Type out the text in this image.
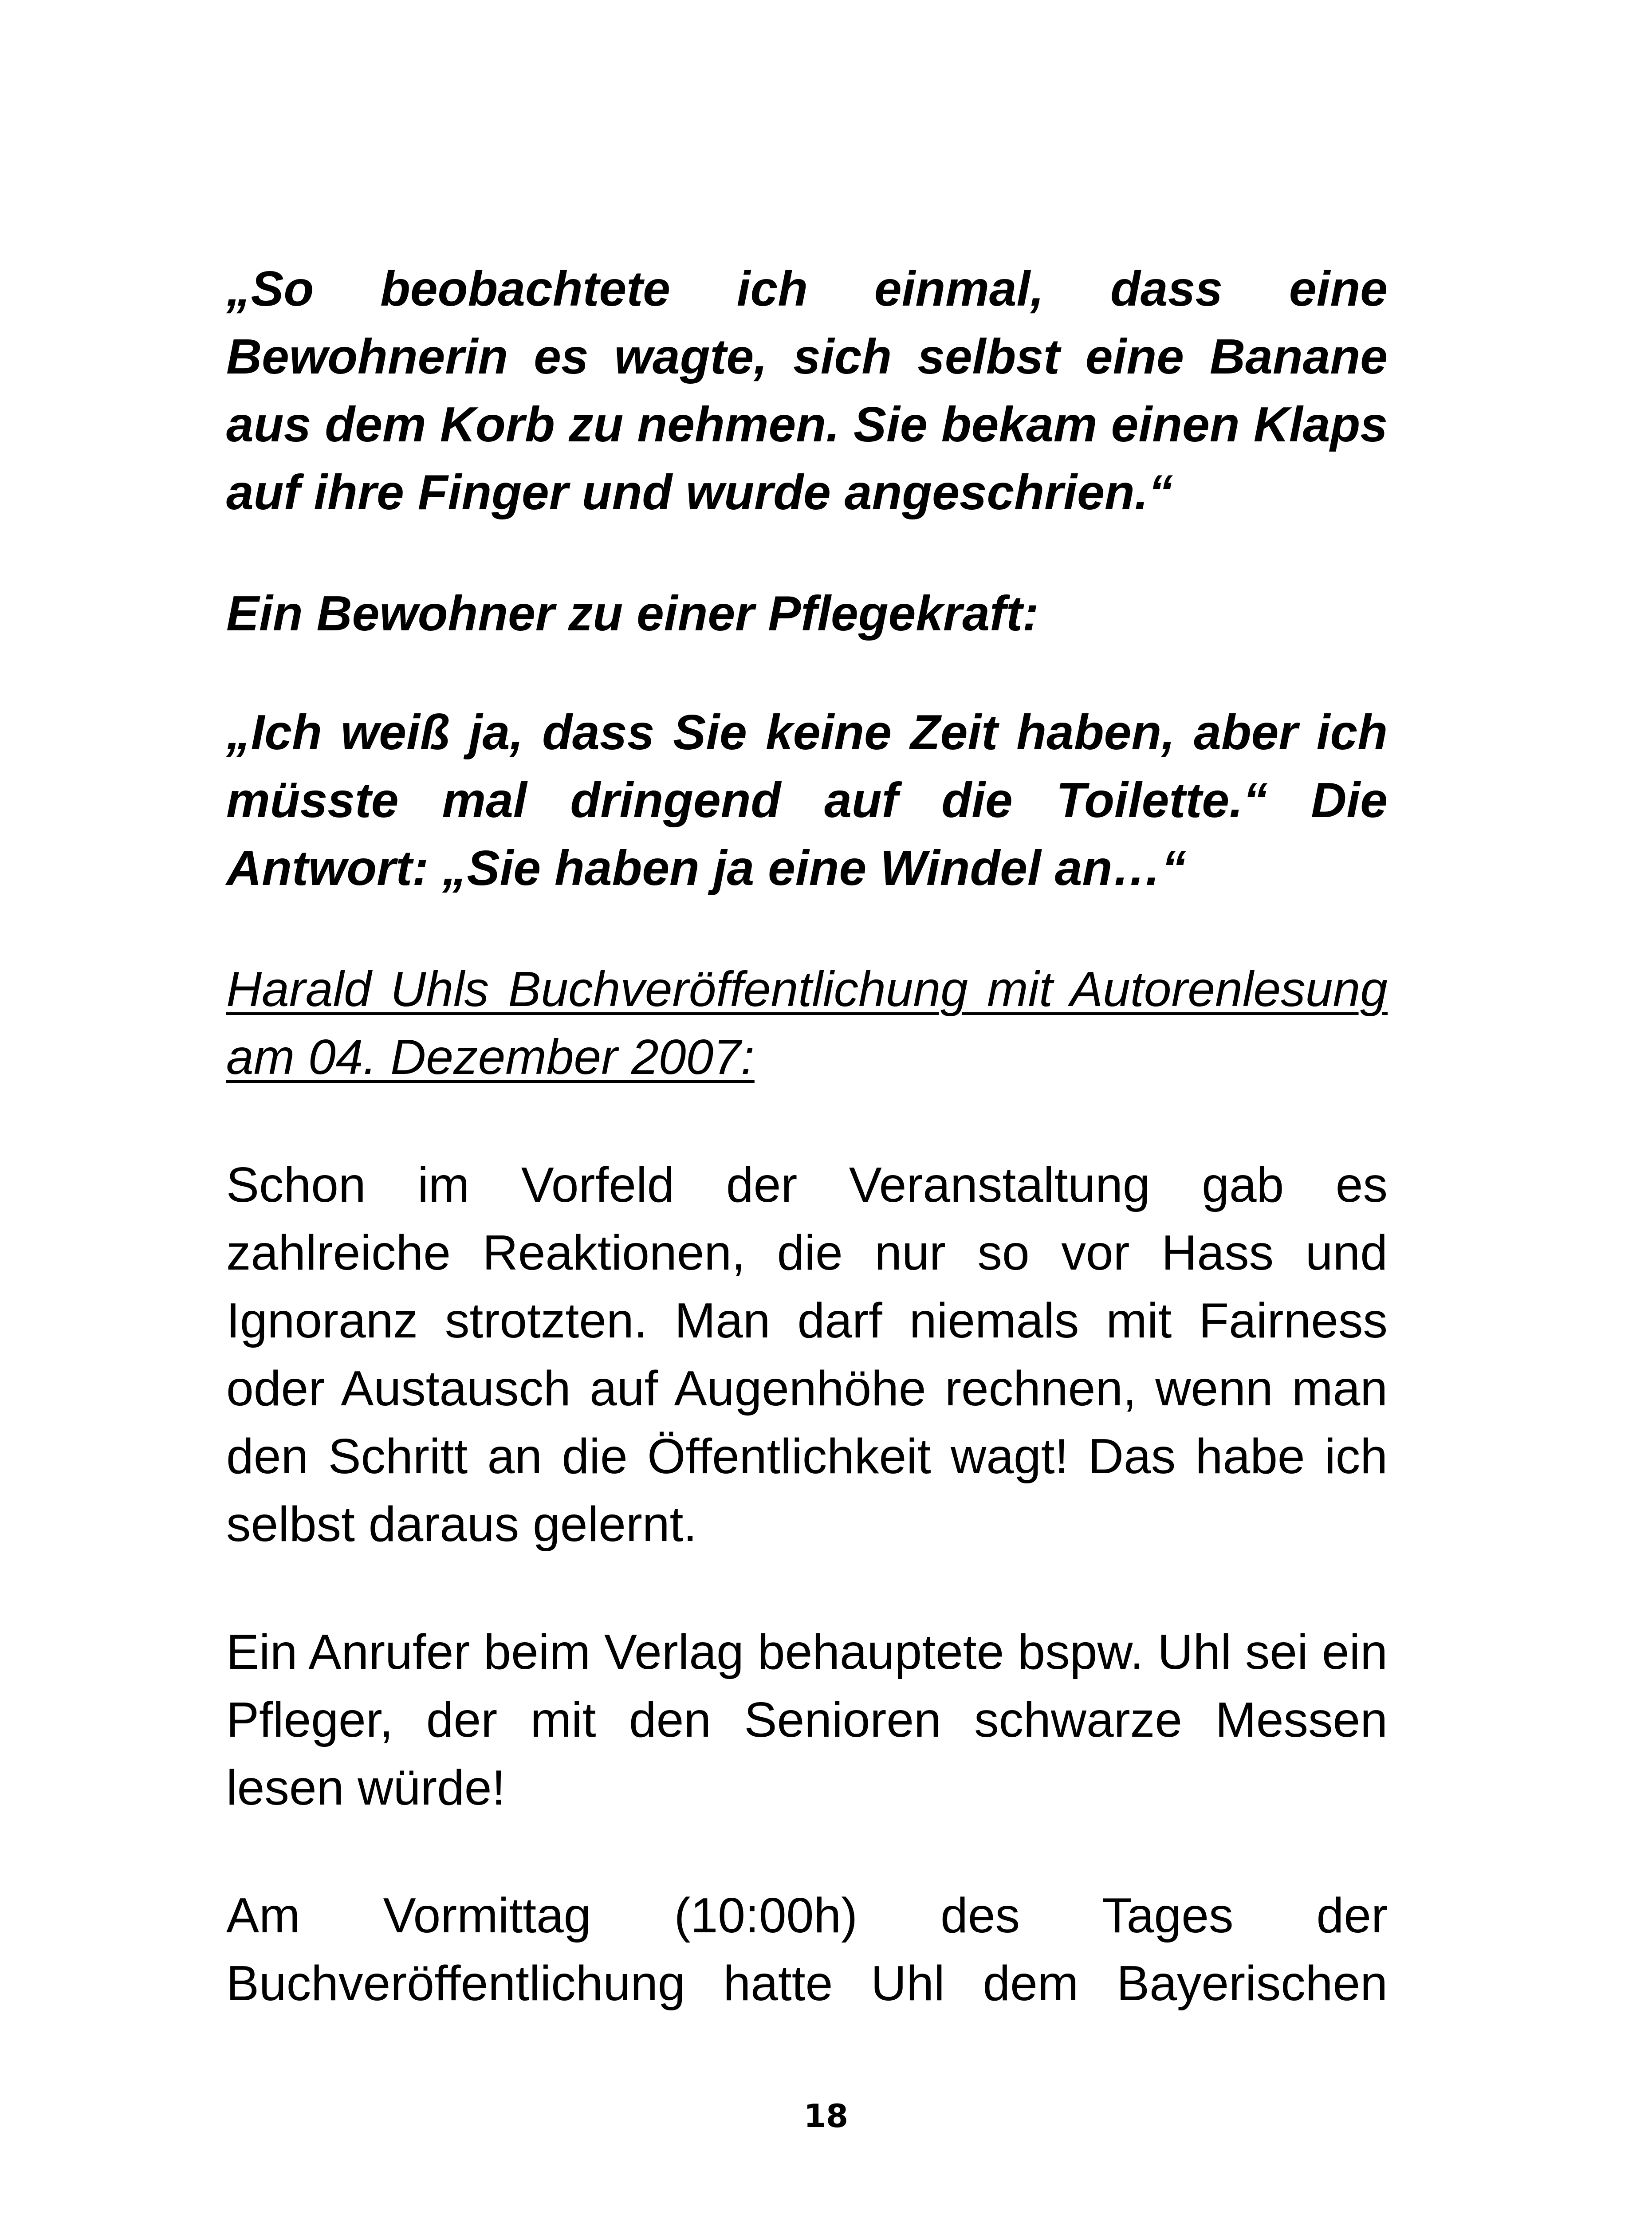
„So beobachtete ich einmal, dass eine Bewohnerin es wagte, sich selbst eine Banane aus dem Korb zu nehmen. Sie bekam einen Klaps auf ihre Finger und wurde angeschrien.“

Ein Bewohner zu einer Pflegekraft:

„Ich weiß ja, dass Sie keine Zeit haben, aber ich müsste mal dringend auf die Toilette.“ Die Antwort: „Sie haben ja eine Windel an…“

Harald Uhls Buchveröffentlichung mit Autorenlesung am 04. Dezember 2007:

Schon im Vorfeld der Veranstaltung gab es zahlreiche Reaktionen, die nur so vor Hass und Ignoranz strotzten. Man darf niemals mit Fairness oder Austausch auf Augenhöhe rechnen, wenn man den Schritt an die Öffentlichkeit wagt! Das habe ich selbst daraus gelernt.

Ein Anrufer beim Verlag behauptete bspw. Uhl sei ein Pfleger, der mit den Senioren schwarze Messen lesen würde!

Am Vormittag (10:00h) des Tages der Buchveröffentlichung hatte Uhl dem Bayerischen

18
